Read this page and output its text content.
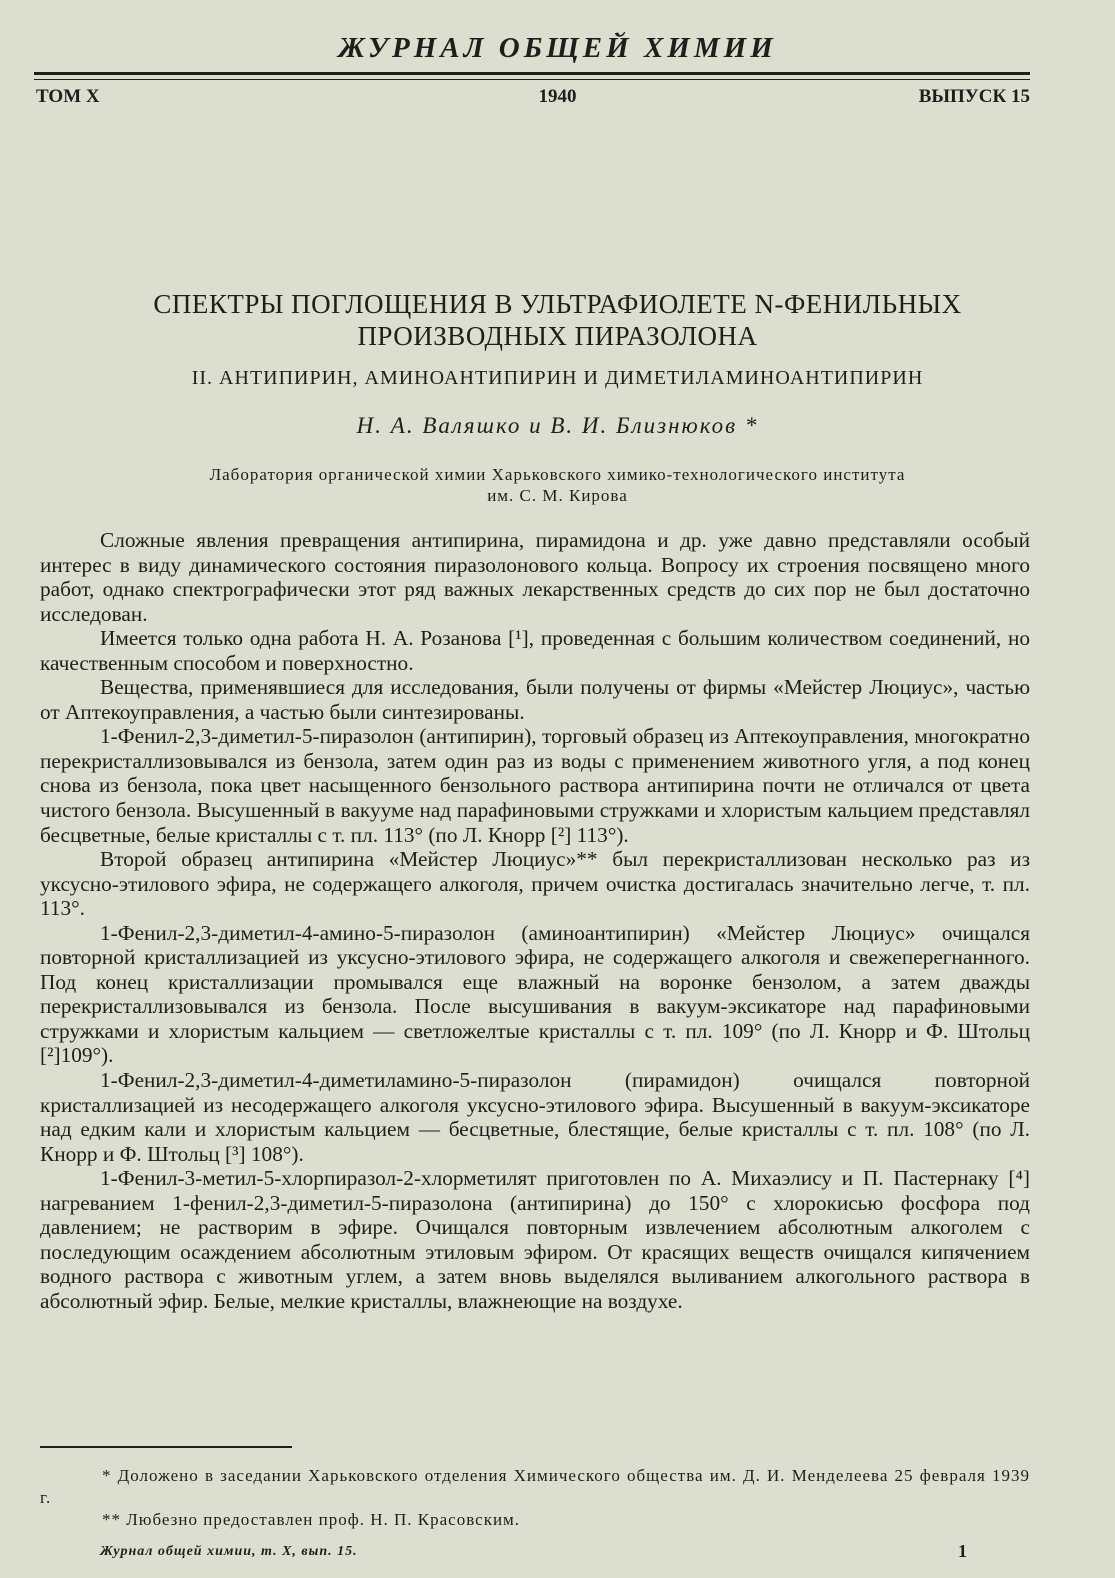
ЖУРНАЛ ОБЩЕЙ ХИМИИ
ТОМ X	1940	ВЫПУСК 15
СПЕКТРЫ ПОГЛОЩЕНИЯ В УЛЬТРАФИОЛЕТЕ N-ФЕНИЛЬНЫХ
ПРОИЗВОДНЫХ ПИРАЗОЛОНА
II. АНТИПИРИН, АМИНОАНТИПИРИН И ДИМЕТИЛАМИНОАНТИПИРИН
Н. А. Валяшко и В. И. Близнюков *
Лаборатория органической химии Харьковского химико-технологического института
им. С. М. Кирова

Сложные явления превращения антипирина, пирамидона и др. уже давно представляли особый интерес в виду динамического состояния пиразолонового кольца. Вопросу их строения посвящено много работ, однако спектрографически этот ряд важных лекарственных средств до сих пор не был достаточно исследован.

Имеется только одна работа Н. А. Розанова [¹], проведенная с большим количеством соединений, но качественным способом и поверхностно.

Вещества, применявшиеся для исследования, были получены от фирмы «Мейстер Люциус», частью от Аптекоуправления, а частью были синтезированы.

1-Фенил-2,3-диметил-5-пиразолон (антипирин), торговый образец из Аптекоуправления, многократно перекристаллизовывался из бензола, затем один раз из воды с применением животного угля, а под конец снова из бензола, пока цвет насыщенного бензольного раствора антипирина почти не отличался от цвета чистого бензола. Высушенный в вакууме над парафиновыми стружками и хлористым кальцием представлял бесцветные, белые кристаллы с т. пл. 113° (по Л. Кнорр [²] 113°).

Второй образец антипирина «Мейстер Люциус»** был перекристаллизован несколько раз из уксусно-этилового эфира, не содержащего алкоголя, причем очистка достигалась значительно легче, т. пл. 113°.

1-Фенил-2,3-диметил-4-амино-5-пиразолон (аминоантипирин) «Мейстер Люциус» очищался повторной кристаллизацией из уксусно-этилового эфира, не содержащего алкоголя и свежеперегнанного. Под конец кристаллизации промывался еще влажный на воронке бензолом, а затем дважды перекристаллизовывался из бензола. После высушивания в вакуум-эксикаторе над парафиновыми стружками и хлористым кальцием — светложелтые кристаллы с т. пл. 109° (по Л. Кнорр и Ф. Штольц [²]109°).

1-Фенил-2,3-диметил-4-диметиламино-5-пиразолон (пирамидон) очищался повторной кристаллизацией из несодержащего алкоголя уксусно-этилового эфира. Высушенный в вакуум-эксикаторе над едким кали и хлористым кальцием — бесцветные, блестящие, белые кристаллы с т. пл. 108° (по Л. Кнорр и Ф. Штольц [³] 108°).

1-Фенил-3-метил-5-хлорпиразол-2-хлорметилят приготовлен по А. Михаэлису и П. Пастернаку [⁴] нагреванием 1-фенил-2,3-диметил-5-пиразолона (антипирина) до 150° с хлорокисью фосфора под давлением; не растворим в эфире. Очищался повторным извлечением абсолютным алкоголем с последующим осаждением абсолютным этиловым эфиром. От красящих веществ очищался кипячением водного раствора с животным углем, а затем вновь выделялся выливанием алкогольного раствора в абсолютный эфир. Белые, мелкие кристаллы, влажнеющие на воздухе.

* Доложено в заседании Харьковского отделения Химического общества им. Д. И. Менделеева 25 февраля 1939 г.

** Любезно предоставлен проф. Н. П. Красовским.

Журнал общей химии, т. X, вып. 15.	1
